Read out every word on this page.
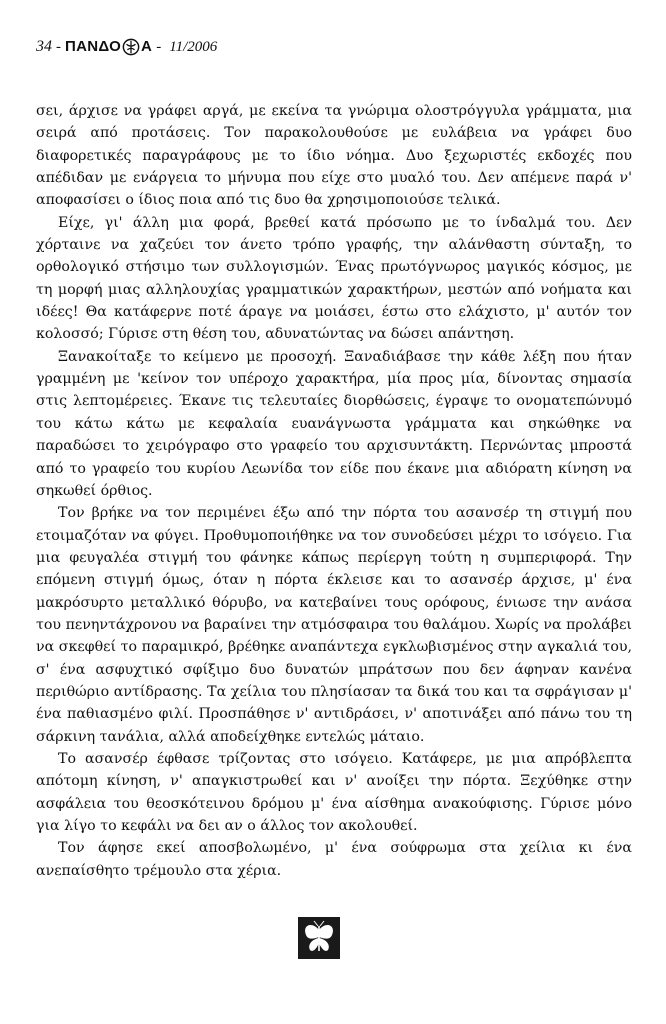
34 - ΠΑΝΔΟ Α - 11/2006

σει, άρχισε να γράφει αργά, με εκείνα τα γνώριμα ολοστρόγγυλα γράμματα, μια σειρά από προτάσεις. Τον παρακολουθούσε με ευλάβεια να γράφει δυο διαφορετικές παραγράφους με το ίδιο νόημα. Δυο ξεχωριστές εκδοχές που απέδιδαν με ενάργεια το μήνυμα που είχε στο μυαλό του. Δεν απέμενε παρά ν' αποφασίσει ο ίδιος ποια από τις δυο θα χρησιμοποιούσε τελικά.

Είχε, γι' άλλη μια φορά, βρεθεί κατά πρόσωπο με το ίνδαλμά του. Δεν χόρταινε να χαζεύει τον άνετο τρόπο γραφής, την αλάνθαστη σύνταξη, το ορθολογικό στήσιμο των συλλογισμών. Ένας πρωτόγνωρος μαγικός κόσμος, με τη μορφή μιας αλληλουχίας γραμματικών χαρακτήρων, μεστών από νοήματα και ιδέες! Θα κατάφερνε ποτέ άραγε να μοιάσει, έστω στο ελάχιστο, μ' αυτόν τον κολοσσό; Γύρισε στη θέση του, αδυνατώντας να δώσει απάντηση.

Ξανακοίταξε το κείμενο με προσοχή. Ξαναδιάβασε την κάθε λέξη που ήταν γραμμένη με 'κείνον τον υπέροχο χαρακτήρα, μία προς μία, δίνοντας σημασία στις λεπτομέρειες. Έκανε τις τελευταίες διορθώσεις, έγραψε το ονοματεπώνυμό του κάτω κάτω με κεφαλαία ευανάγνωστα γράμματα και σηκώθηκε να παραδώσει το χειρόγραφο στο γραφείο του αρχισυντάκτη. Περνώντας μπροστά από το γραφείο του κυρίου Λεωνίδα τον είδε που έκανε μια αδιόρατη κίνηση να σηκωθεί όρθιος.

Τον βρήκε να τον περιμένει έξω από την πόρτα του ασανσέρ τη στιγμή που ετοιμαζόταν να φύγει. Προθυμοποιήθηκε να τον συνοδεύσει μέχρι το ισόγειο. Για μια φευγαλέα στιγμή του φάνηκε κάπως περίεργη τούτη η συμπεριφορά. Την επόμενη στιγμή όμως, όταν η πόρτα έκλεισε και το ασανσέρ άρχισε, μ' ένα μακρόσυρτο μεταλλικό θόρυβο, να κατεβαίνει τους ορόφους, ένιωσε την ανάσα του πενηντάχρονου να βαραίνει την ατμόσφαιρα του θαλάμου. Χωρίς να προλάβει να σκεφθεί το παραμικρό, βρέθηκε αναπάντεχα εγκλωβισμένος στην αγκαλιά του, σ' ένα ασφυχτικό σφίξιμο δυο δυνατών μπράτσων που δεν άφηναν κανένα περιθώριο αντίδρασης. Τα χείλια του πλησίασαν τα δικά του και τα σφράγισαν μ' ένα παθιασμένο φιλί. Προσπάθησε ν' αντιδράσει, ν' αποτινάξει από πάνω του τη σάρκινη τανάλια, αλλά αποδείχθηκε εντελώς μάταιο.

Το ασανσέρ έφθασε τρίζοντας στο ισόγειο. Κατάφερε, με μια απρόβλεπτα απότομη κίνηση, ν' απαγκιστρωθεί και ν' ανοίξει την πόρτα. Ξεχύθηκε στην ασφάλεια του θεοσκότεινου δρόμου μ' ένα αίσθημα ανακούφισης. Γύρισε μόνο για λίγο το κεφάλι να δει αν ο άλλος τον ακολουθεί.

Τον άφησε εκεί αποσβολωμένο, μ' ένα σούφρωμα στα χείλια κι ένα ανεπαίσθητο τρέμουλο στα χέρια.
